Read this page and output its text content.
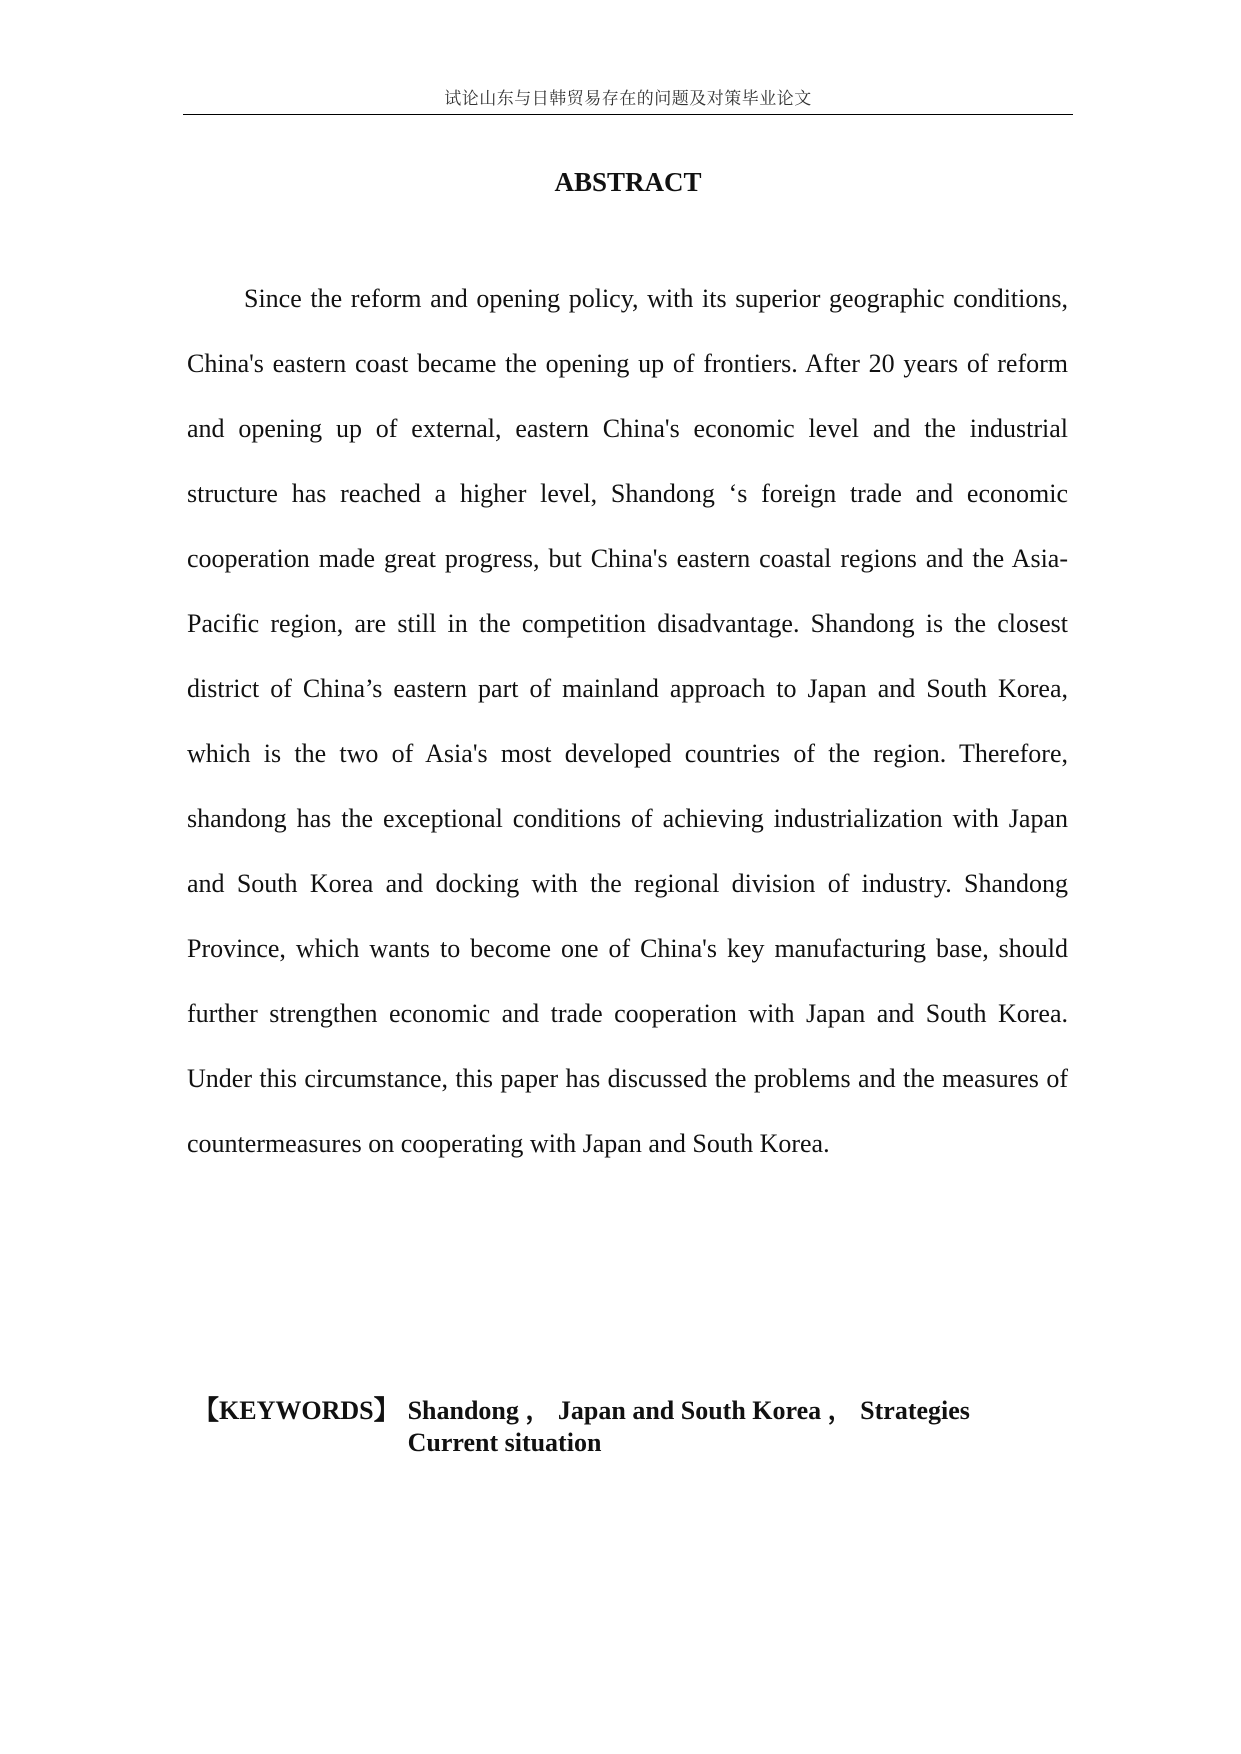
试论山东与日韩贸易存在的问题及对策毕业论文
ABSTRACT

Since the reform and opening policy, with its superior geographic conditions, China's eastern coast became the opening up of frontiers. After 20 years of reform and opening up of external, eastern China's economic level and the industrial structure has reached a higher level, Shandong ‘s foreign trade and economic cooperation made great progress, but China's eastern coastal regions and the Asia-Pacific region, are still in the competition disadvantage. Shandong is the closest district of China’s eastern part of mainland approach to Japan and South Korea, which is the two of Asia's most developed countries of the region. Therefore, shandong has the exceptional conditions of achieving industrialization with Japan and South Korea and docking with the regional division of industry. Shandong Province, which wants to become one of China's key manufacturing base, should further strengthen economic and trade cooperation with Japan and South Korea. Under this circumstance, this paper has discussed the problems and the measures of countermeasures on cooperating with Japan and South Korea.

【KEYWORDS】 Shandong ， Japan and South Korea ， Strategies
Current situation
